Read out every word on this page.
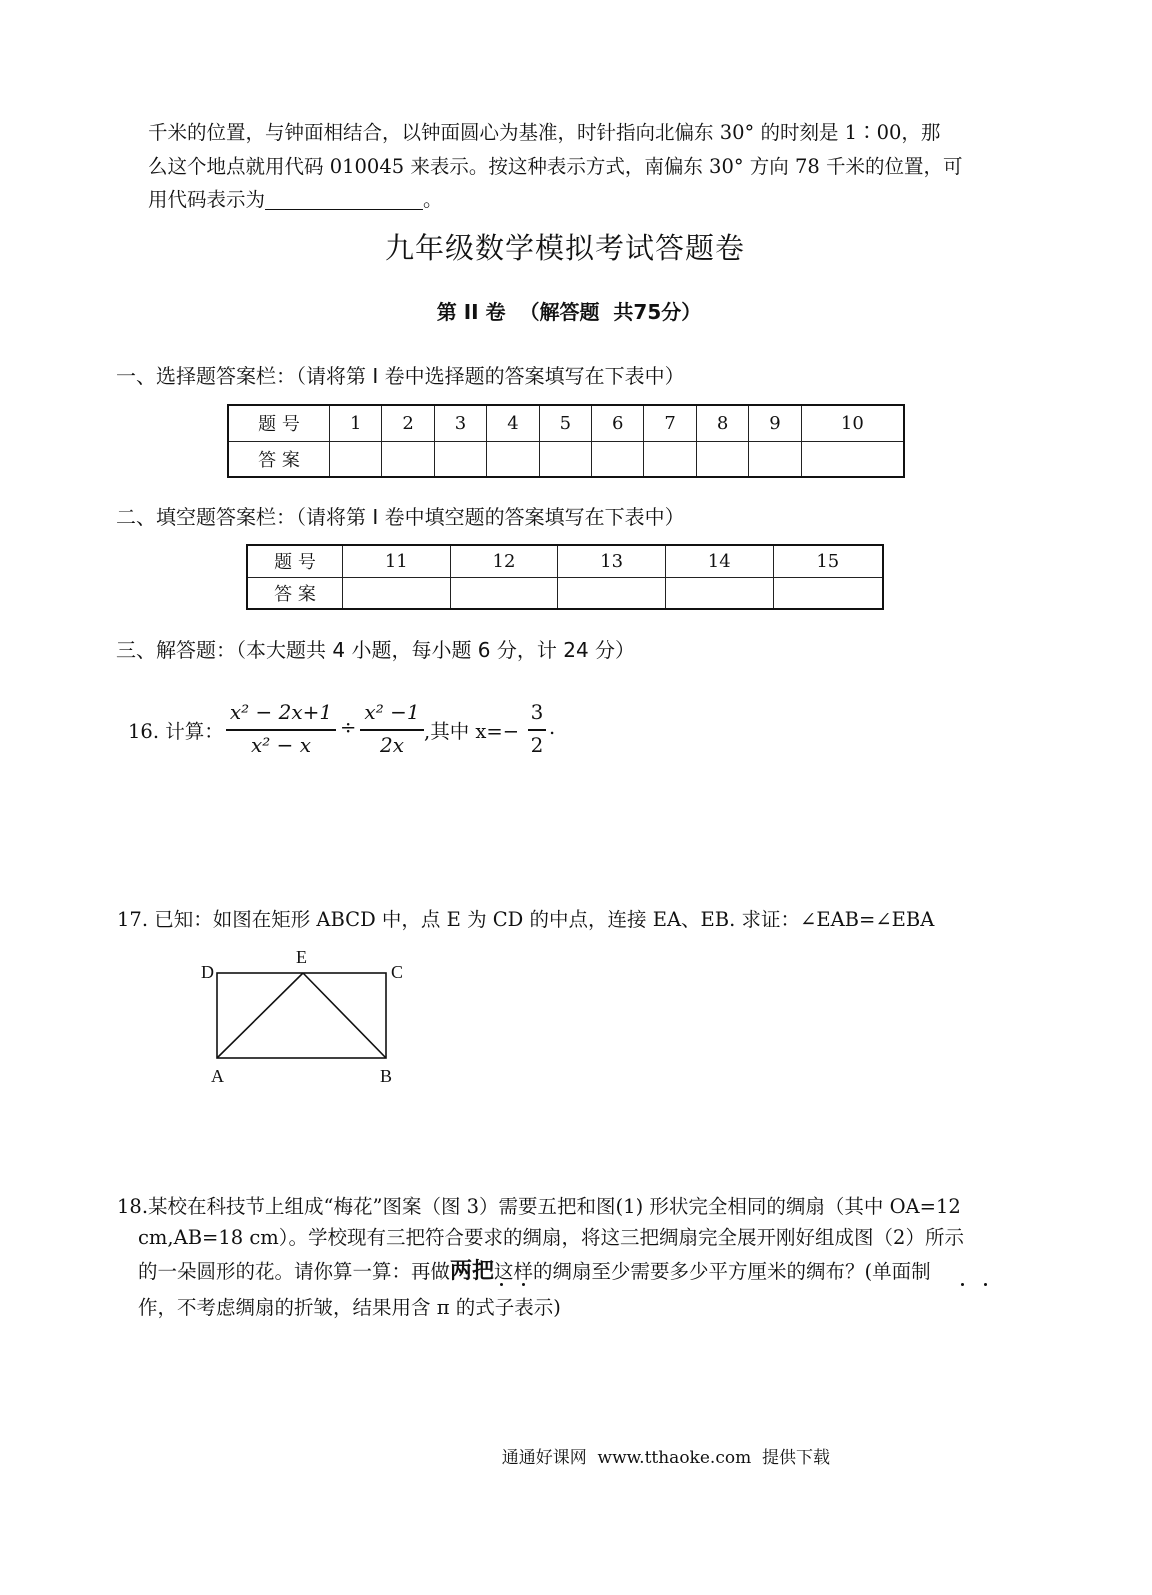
千米的位置，与钟面相结合，以钟面圆心为基准，时针指向北偏东 30° 的时刻是 1∶00，那
么这个地点就用代码 010045 来表示。按这种表示方式，南偏东 30° 方向 78 千米的位置，可
用代码表示为	。
九年级数学模拟考试答题卷
第 II 卷  （解答题  共75分）
一、选择题答案栏：（请将第 I 卷中选择题的答案填写在下表中）
题 号	1	2	3	4	5	6	7	8	9	10
答 案										
二、填空题答案栏：（请将第 I 卷中填空题的答案填写在下表中）
题 号	11	12	13	14	15
答 案					
三、解答题：（本大题共 4 小题，每小题 6 分，计 24 分）
16. 计算：
x² − 2x+1
x² − x
÷
x² −1
2x
,其中 x=−
3
2
.
17. 已知：如图在矩形 ABCD 中，点 E 为 CD 的中点，连接 EA、EB. 求证：∠EAB=∠EBA
D
E
C
A	B
18.某校在科技节上组成“梅花”图案（图 3）需要五把和图(1) 形状完全相同的绸扇（其中 OA=12
cm,AB=18 cm）。学校现有三把符合要求的绸扇，将这三把绸扇完全展开刚好组成图（2）所示
的一朵圆形的花。请你算一算：再做两把这样的绸扇至少需要多少平方厘米的绸布？(单面制
作，不考虑绸扇的折皱，结果用含 π 的式子表示)
通通好课网  www.tthaoke.com  提供下载
